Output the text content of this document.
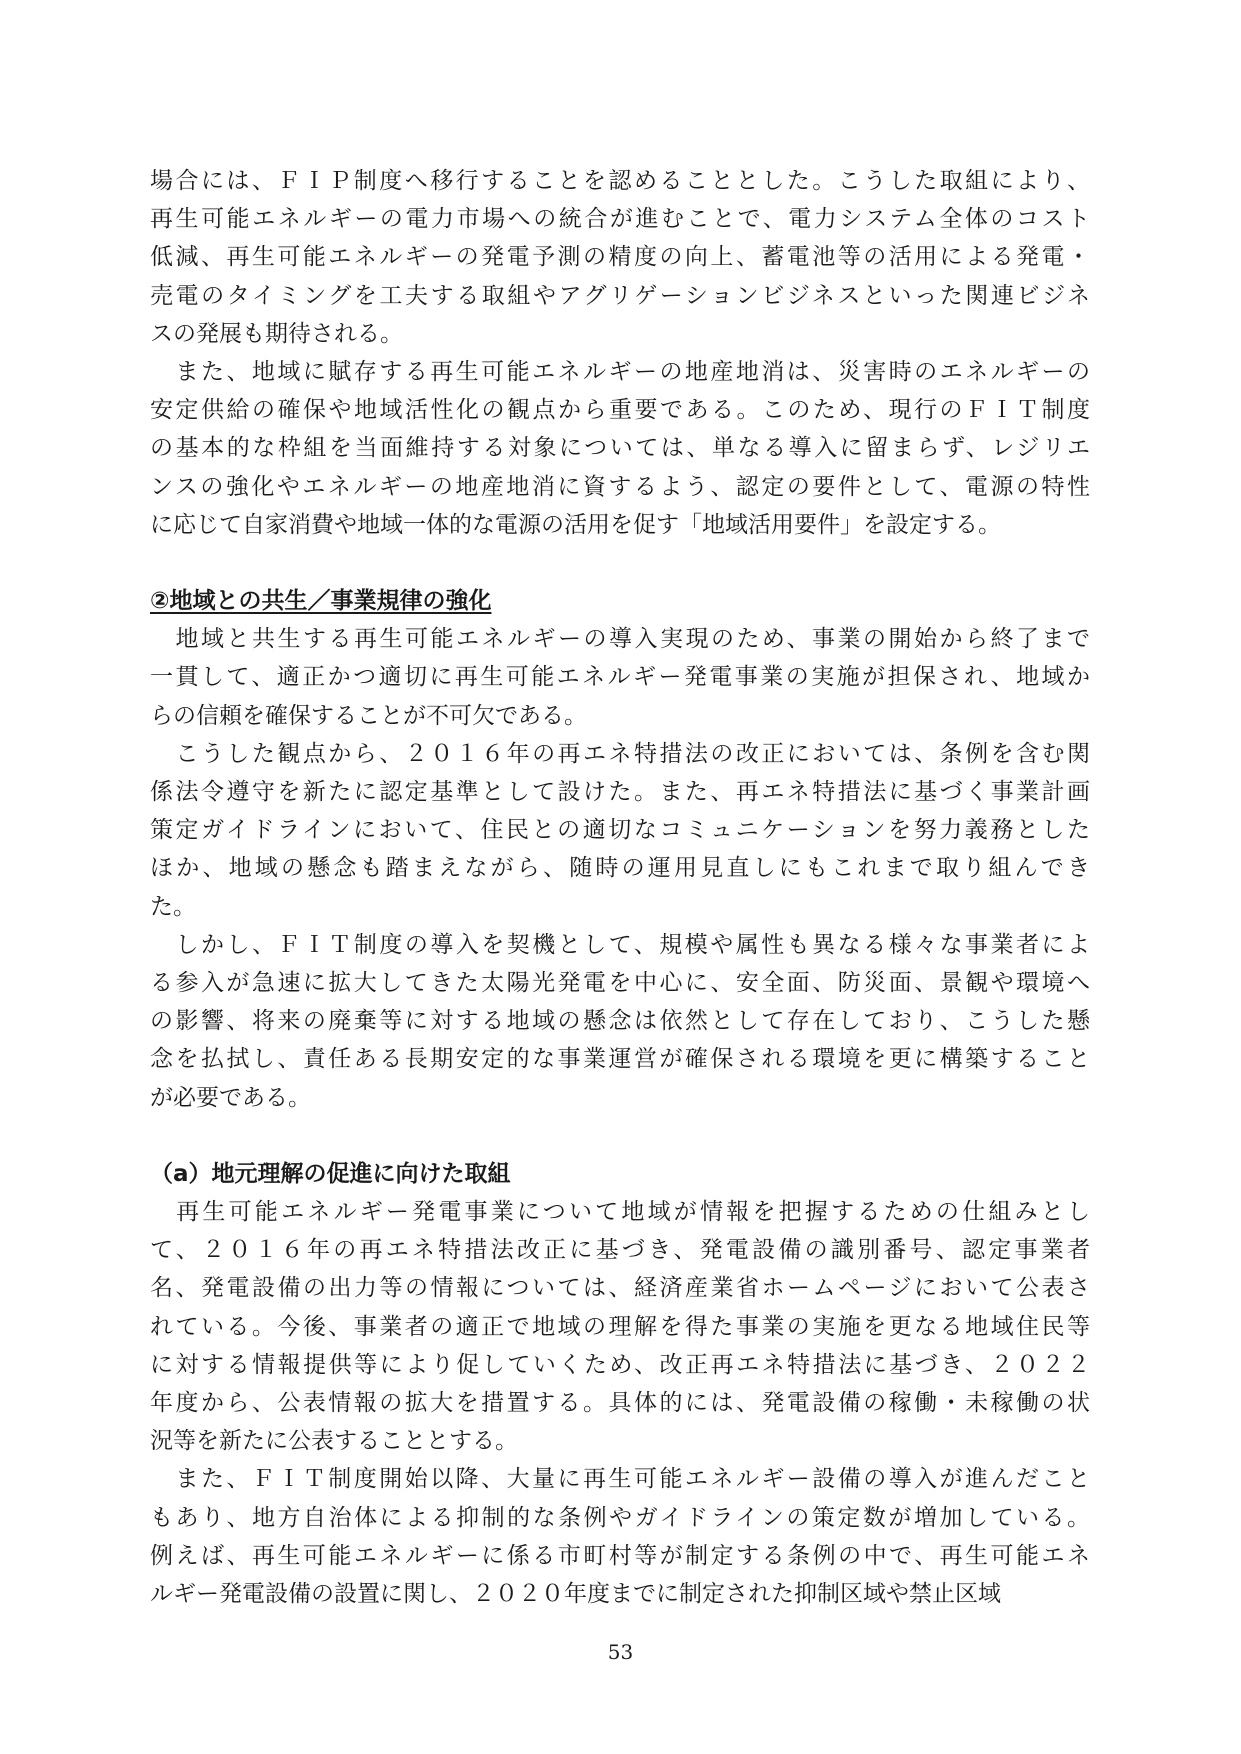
場合には、ＦＩＰ制度へ移行することを認めることとした。こうした取組により、
再生可能エネルギーの電力市場への統合が進むことで、電力システム全体のコスト
低減、再生可能エネルギーの発電予測の精度の向上、蓄電池等の活用による発電・
売電のタイミングを工夫する取組やアグリゲーションビジネスといった関連ビジネ
スの発展も期待される。
　また、地域に賦存する再生可能エネルギーの地産地消は、災害時のエネルギーの
安定供給の確保や地域活性化の観点から重要である。このため、現行のＦＩＴ制度
の基本的な枠組を当面維持する対象については、単なる導入に留まらず、レジリエ
ンスの強化やエネルギーの地産地消に資するよう、認定の要件として、電源の特性
に応じて自家消費や地域一体的な電源の活用を促す「地域活用要件」を設定する。
②地域との共生／事業規律の強化
　地域と共生する再生可能エネルギーの導入実現のため、事業の開始から終了まで
一貫して、適正かつ適切に再生可能エネルギー発電事業の実施が担保され、地域か
らの信頼を確保することが不可欠である。
　こうした観点から、２０１６年の再エネ特措法の改正においては、条例を含む関
係法令遵守を新たに認定基準として設けた。また、再エネ特措法に基づく事業計画
策定ガイドラインにおいて、住民との適切なコミュニケーションを努力義務とした
ほか、地域の懸念も踏まえながら、随時の運用見直しにもこれまで取り組んでき
た。
　しかし、ＦＩＴ制度の導入を契機として、規模や属性も異なる様々な事業者によ
る参入が急速に拡大してきた太陽光発電を中心に、安全面、防災面、景観や環境へ
の影響、将来の廃棄等に対する地域の懸念は依然として存在しており、こうした懸
念を払拭し、責任ある長期安定的な事業運営が確保される環境を更に構築すること
が必要である。
（a）地元理解の促進に向けた取組
　再生可能エネルギー発電事業について地域が情報を把握するための仕組みとし
て、２０１６年の再エネ特措法改正に基づき、発電設備の識別番号、認定事業者
名、発電設備の出力等の情報については、経済産業省ホームページにおいて公表さ
れている。今後、事業者の適正で地域の理解を得た事業の実施を更なる地域住民等
に対する情報提供等により促していくため、改正再エネ特措法に基づき、２０２２
年度から、公表情報の拡大を措置する。具体的には、発電設備の稼働・未稼働の状
況等を新たに公表することとする。
　また、ＦＩＴ制度開始以降、大量に再生可能エネルギー設備の導入が進んだこと
もあり、地方自治体による抑制的な条例やガイドラインの策定数が増加している。
例えば、再生可能エネルギーに係る市町村等が制定する条例の中で、再生可能エネ
ルギー発電設備の設置に関し、２０２０年度までに制定された抑制区域や禁止区域
53
